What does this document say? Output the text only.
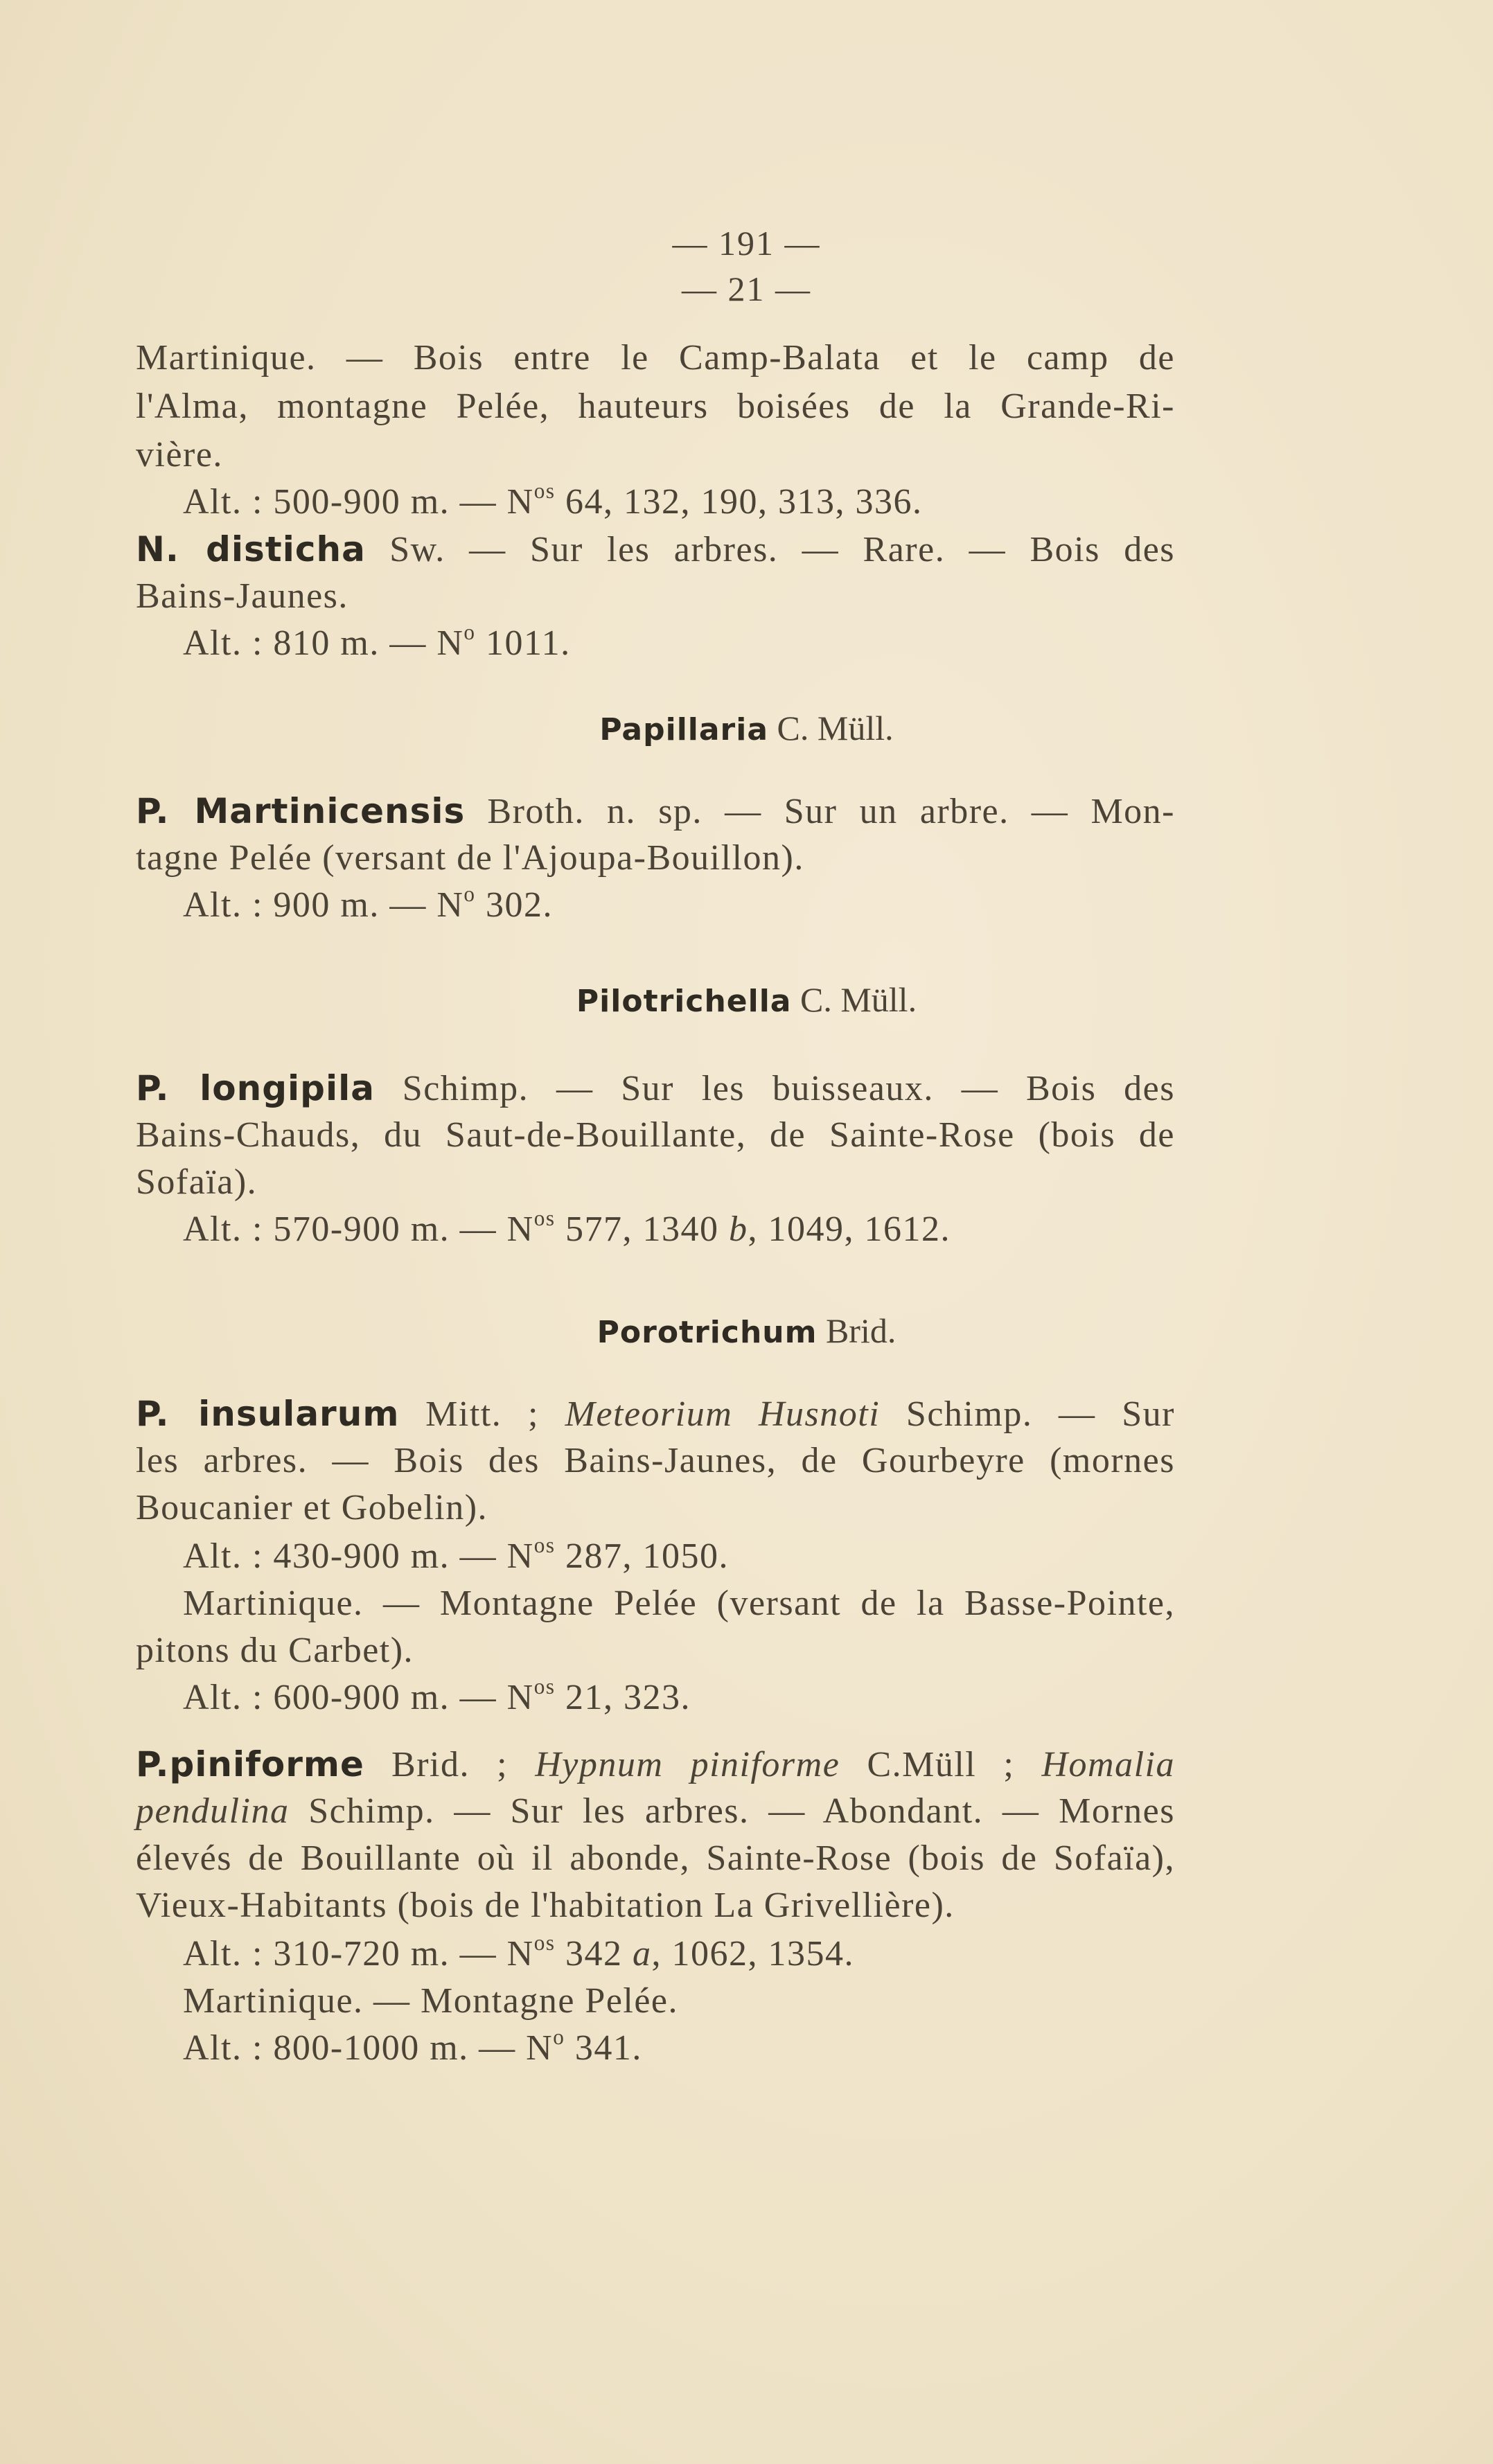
— 191 —
— 21 —
Martinique. — Bois entre le Camp-Balata et le camp de
l'Alma, montagne Pelée, hauteurs boisées de la Grande-Ri-
vière.
Alt. : 500-900 m. — $N^{os}$ 64, 132, 190, 313, 336.
N. disticha Sw. — Sur les arbres. — Rare. — Bois des
Bains-Jaunes.
Alt. : 810 m. — $N^o$ 1011.
Papillaria C. Müll.
P. Martinicensis Broth. n. sp. — Sur un arbre. — Mon-
tagne Pelée (versant de l'Ajoupa-Bouillon).
Alt. : 900 m. — $N^o$ 302.
Pilotrichella C. Müll.
P. longipila Schimp. — Sur les buisseaux. — Bois des
Bains-Chauds, du Saut-de-Bouillante, de Sainte-Rose (bois de
Sofaïa).
Alt. : 570-900 m. — $N^{os}$ 577, 1340 b, 1049, 1612.
Porotrichum Brid.
P. insularum Mitt. ; Meteorium Husnoti Schimp. — Sur
les arbres. — Bois des Bains-Jaunes, de Gourbeyre (mornes
Boucanier et Gobelin).
Alt. : 430-900 m. — $N^{os}$ 287, 1050.
Martinique. — Montagne Pelée (versant de la Basse-Pointe,
pitons du Carbet).
Alt. : 600-900 m. — $N^{os}$ 21, 323.
P.piniforme Brid. ; Hypnum piniforme C.Müll ; Homalia
pendulina Schimp. — Sur les arbres. — Abondant. — Mornes
élevés de Bouillante où il abonde, Sainte-Rose (bois de Sofaïa),
Vieux-Habitants (bois de l'habitation La Grivellière).
Alt. : 310-720 m. — $N^{os}$ 342 a, 1062, 1354.
Martinique. — Montagne Pelée.
Alt. : 800-1000 m. — $N^o$ 341.
